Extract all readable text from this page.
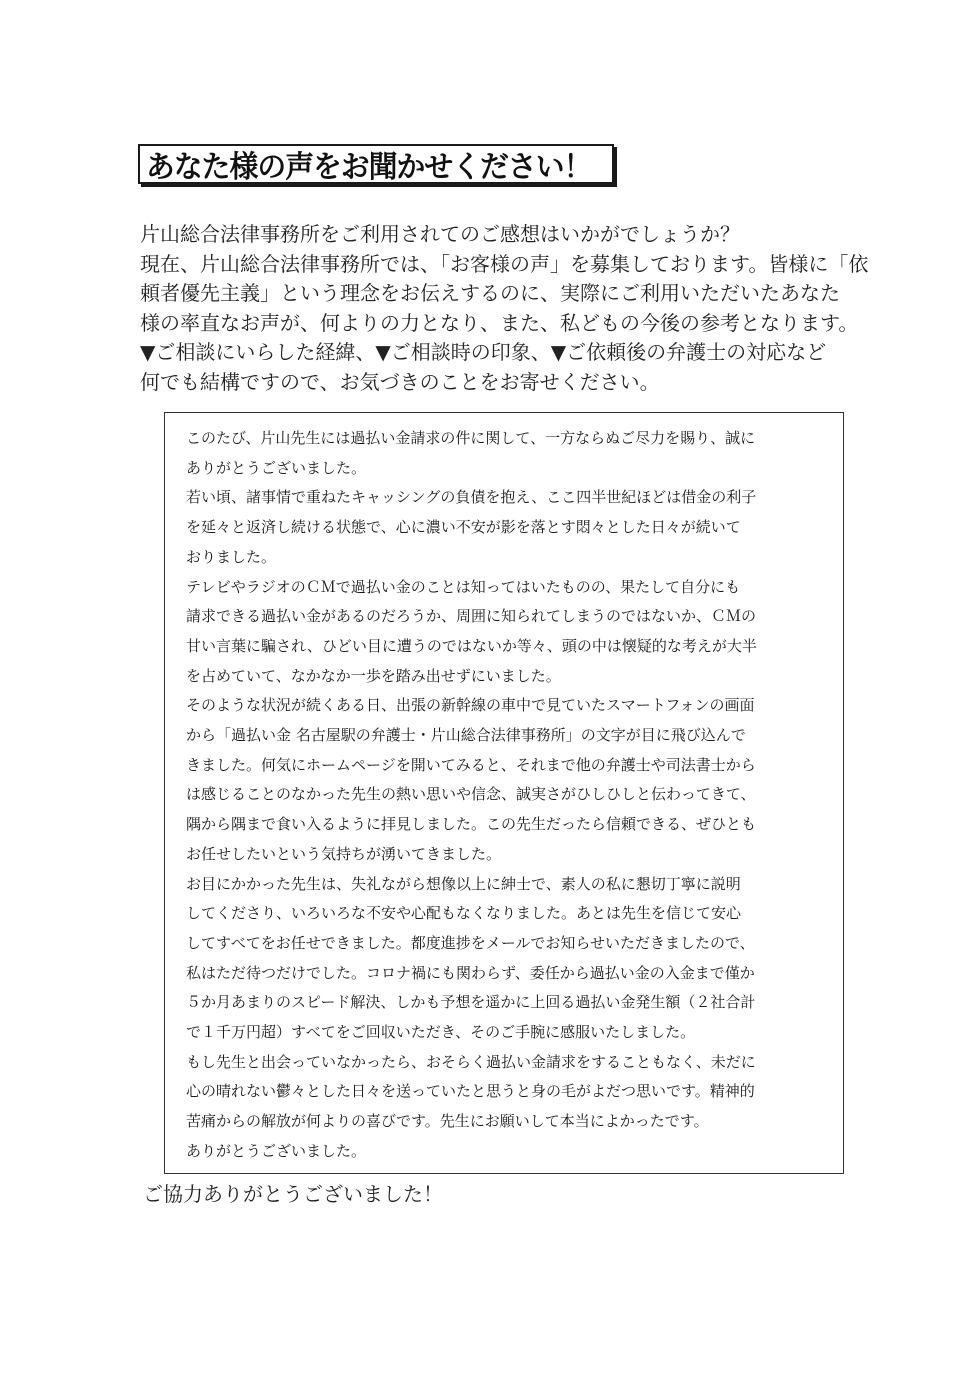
あなた様の声をお聞かせください！
片山総合法律事務所をご利用されてのご感想はいかがでしょうか？
現在、片山総合法律事務所では、「お客様の声」を募集しております。皆様に「依
頼者優先主義」という理念をお伝えするのに、実際にご利用いただいたあなた
様の率直なお声が、何よりの力となり、また、私どもの今後の参考となります。
▼ご相談にいらした経緯、▼ご相談時の印象、▼ご依頼後の弁護士の対応など
何でも結構ですので、お気づきのことをお寄せください。
このたび、片山先生には過払い金請求の件に関して、一方ならぬご尽力を賜り、誠に
ありがとうございました。
若い頃、諸事情で重ねたキャッシングの負債を抱え、ここ四半世紀ほどは借金の利子
を延々と返済し続ける状態で、心に濃い不安が影を落とす悶々とした日々が続いて
おりました。
テレビやラジオのＣＭで過払い金のことは知ってはいたものの、果たして自分にも
請求できる過払い金があるのだろうか、周囲に知られてしまうのではないか、ＣＭの
甘い言葉に騙され、ひどい目に遭うのではないか等々、頭の中は懐疑的な考えが大半
を占めていて、なかなか一歩を踏み出せずにいました。
そのような状況が続くある日、出張の新幹線の車中で見ていたスマートフォンの画面
から「過払い金 名古屋駅の弁護士・片山総合法律事務所」の文字が目に飛び込んで
きました。何気にホームページを開いてみると、それまで他の弁護士や司法書士から
は感じることのなかった先生の熱い思いや信念、誠実さがひしひしと伝わってきて、
隅から隅まで食い入るように拝見しました。この先生だったら信頼できる、ぜひとも
お任せしたいという気持ちが湧いてきました。
お目にかかった先生は、失礼ながら想像以上に紳士で、素人の私に懇切丁寧に説明
してくださり、いろいろな不安や心配もなくなりました。あとは先生を信じて安心
してすべてをお任せできました。都度進捗をメールでお知らせいただきましたので、
私はただ待つだけでした。コロナ禍にも関わらず、委任から過払い金の入金まで僅か
５か月あまりのスピード解決、しかも予想を遥かに上回る過払い金発生額（２社合計
で１千万円超）すべてをご回収いただき、そのご手腕に感服いたしました。
もし先生と出会っていなかったら、おそらく過払い金請求をすることもなく、未だに
心の晴れない鬱々とした日々を送っていたと思うと身の毛がよだつ思いです。精神的
苦痛からの解放が何よりの喜びです。先生にお願いして本当によかったです。
ありがとうございました。
ご協力ありがとうございました！
